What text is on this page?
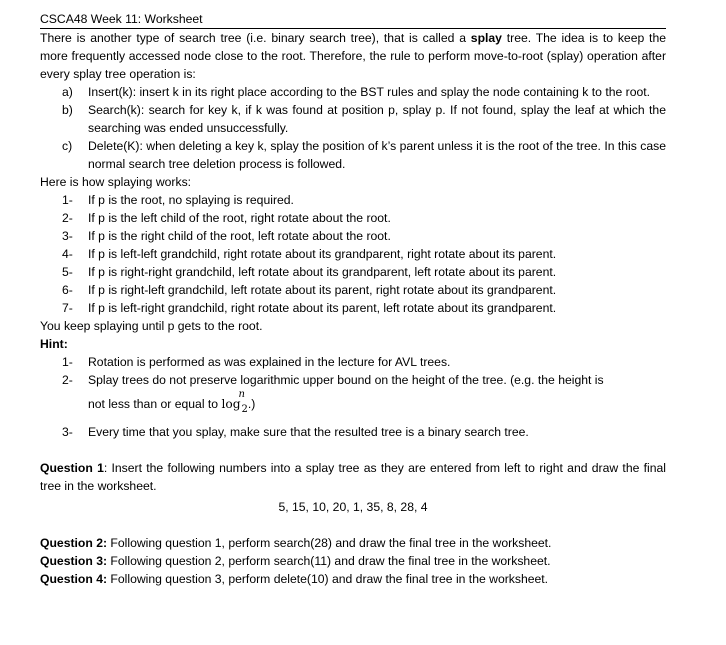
CSCA48 Week 11: Worksheet
There is another type of search tree (i.e. binary search tree), that is called a splay tree. The idea is to keep the more frequently accessed node close to the root. Therefore, the rule to perform move-to-root (splay) operation after every splay tree operation is:
a)	Insert(k): insert k in its right place according to the BST rules and splay the node containing k to the root.
b)	Search(k): search for key k, if k was found at position p, splay p. If not found, splay the leaf at which the searching was ended unsuccessfully.
c)	Delete(K): when deleting a key k, splay the position of k’s parent unless it is the root of the tree. In this case normal search tree deletion process is followed.
Here is how splaying works:
1-	If p is the root, no splaying is required.
2-	If p is the left child of the root, right rotate about the root.
3-	If p is the right child of the root, left rotate about the root.
4-	If p is left-left grandchild, right rotate about its grandparent, right rotate about its parent.
5-	If p is right-right grandchild, left rotate about its grandparent, left rotate about its parent.
6-	If p is right-left grandchild, left rotate about its parent, right rotate about its grandparent.
7-	If p is left-right grandchild, right rotate about its parent, left rotate about its grandparent.
You keep splaying until p gets to the root.
Hint:
1-	Rotation is performed as was explained in the lecture for AVL trees.
2-	Splay trees do not preserve logarithmic upper bound on the height of the tree. (e.g. the height is
not less than or equal to log
n
$_2$.)
3-	Every time that you splay, make sure that the resulted tree is a binary search tree.
Question 1: Insert the following numbers into a splay tree as they are entered from left to right and draw the final tree in the worksheet.
5, 15, 10, 20, 1, 35, 8, 28, 4
Question 2: Following question 1, perform search(28) and draw the final tree in the worksheet.
Question 3: Following question 2, perform search(11) and draw the final tree in the worksheet.
Question 4: Following question 3, perform delete(10) and draw the final tree in the worksheet.
